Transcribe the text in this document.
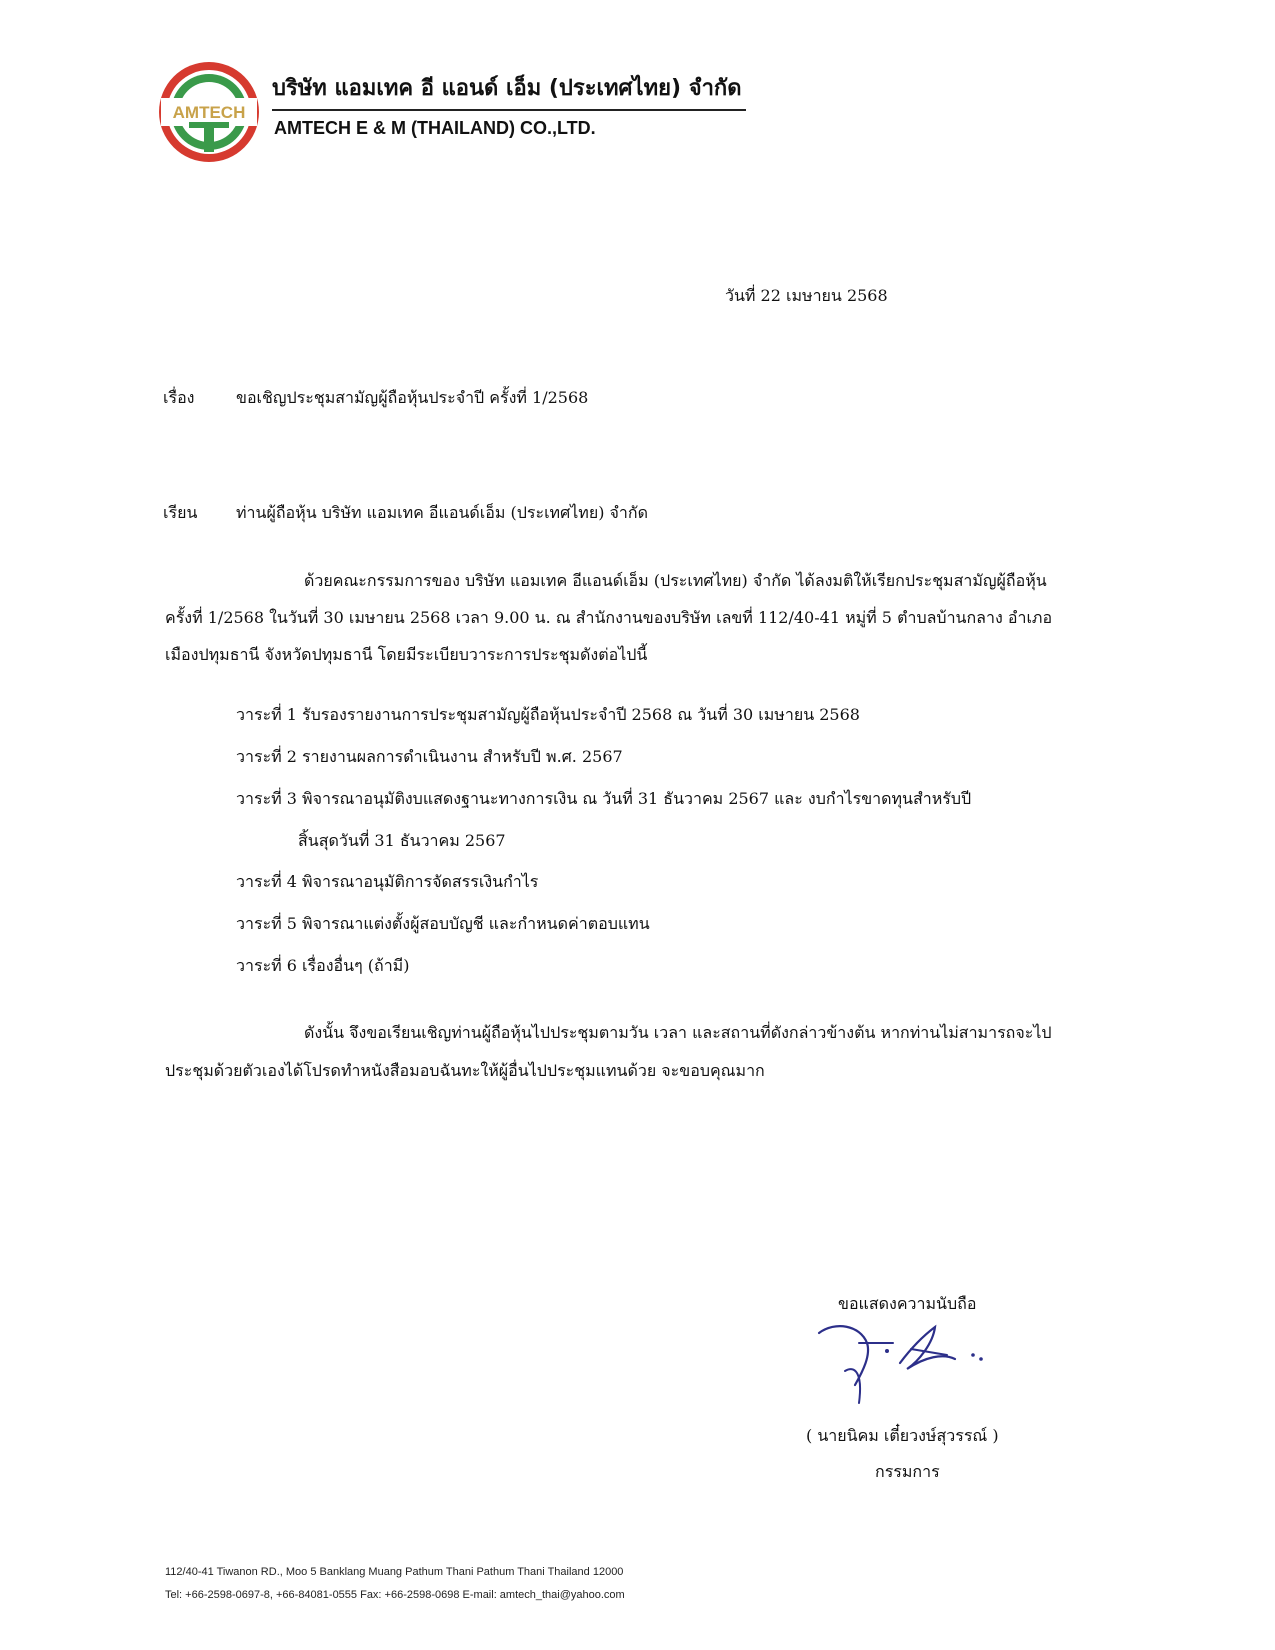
AMTECH
บริษัท แอมเทค อี แอนด์ เอ็ม (ประเทศไทย) จำกัด
AMTECH E & M (THAILAND) CO.,LTD.
วันที่ 22 เมษายน 2568
เรื่อง	ขอเชิญประชุมสามัญผู้ถือหุ้นประจำปี ครั้งที่ 1/2568
เรียน ท่านผู้ถือหุ้น บริษัท แอมเทค อีแอนด์เอ็ม (ประเทศไทย) จำกัด
ด้วยคณะกรรมการของ บริษัท แอมเทค อีแอนด์เอ็ม (ประเทศไทย) จำกัด ได้ลงมติให้เรียกประชุมสามัญผู้ถือหุ้น
ครั้งที่ 1/2568 ในวันที่ 30 เมษายน 2568 เวลา 9.00 น. ณ สำนักงานของบริษัท เลขที่ 112/40-41 หมู่ที่ 5 ตำบลบ้านกลาง อำเภอ
เมืองปทุมธานี จังหวัดปทุมธานี โดยมีระเบียบวาระการประชุมดังต่อไปนี้
วาระที่ 1 รับรองรายงานการประชุมสามัญผู้ถือหุ้นประจำปี 2568 ณ วันที่ 30 เมษายน 2568
วาระที่ 2 รายงานผลการดำเนินงาน สำหรับปี พ.ศ. 2567
วาระที่ 3 พิจารณาอนุมัติงบแสดงฐานะทางการเงิน ณ วันที่ 31 ธันวาคม 2567 และ งบกำไรขาดทุนสำหรับปี
สิ้นสุดวันที่ 31 ธันวาคม 2567
วาระที่ 4 พิจารณาอนุมัติการจัดสรรเงินกำไร
วาระที่ 5 พิจารณาแต่งตั้งผู้สอบบัญชี และกำหนดค่าตอบแทน
วาระที่ 6 เรื่องอื่นๆ (ถ้ามี)
ดังนั้น จึงขอเรียนเชิญท่านผู้ถือหุ้นไปประชุมตามวัน เวลา และสถานที่ดังกล่าวข้างต้น หากท่านไม่สามารถจะไป
ประชุมด้วยตัวเองได้โปรดทำหนังสือมอบฉันทะให้ผู้อื่นไปประชุมแทนด้วย จะขอบคุณมาก
ขอแสดงความนับถือ
( นายนิคม เตี๋ยวงษ์สุวรรณ์ )
กรรมการ
112/40-41 Tiwanon RD., Moo 5 Banklang Muang Pathum Thani Pathum Thani Thailand 12000
Tel: +66-2598-0697-8, +66-84081-0555 Fax: +66-2598-0698 E-mail: amtech_thai@yahoo.com
